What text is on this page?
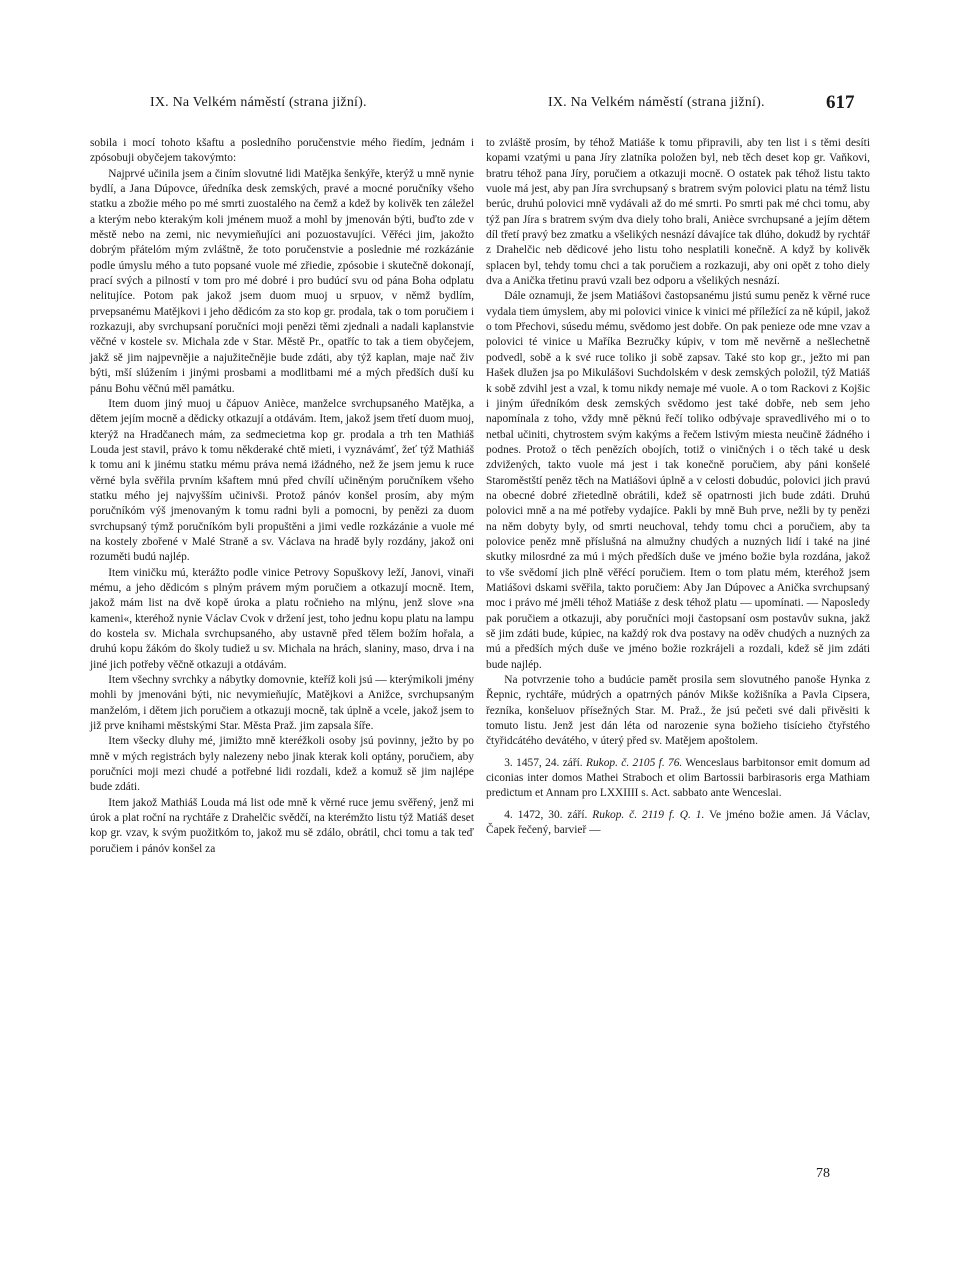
IX. Na Velkém náměstí (strana jižní).	IX. Na Velkém náměstí (strana jižní).	617

sobila i mocí tohoto kšaftu a posledního poručenstvie mého řiedím, jednám i zpósobuji obyčejem takovýmto:

Najprvé učinila jsem a činím slovutné lidi Matějka šenkýře, kterýž u mně nynie bydlí, a Jana Dúpovce, úředníka desk zemských, pravé a mocné poručníky všeho statku a zbožie mého po mé smrti zuostalého na čemž a kdež by kolivěk ten záležel a kterým nebo kterakým koli jménem muož a mohl by jmenován býti, buďto zde v městě nebo na zemi, nic nevymieňujíci ani pozuostavujíci. Věřéci jim, jakožto dobrým přátelóm mým zvláštně, že toto poručenstvie a poslednie mé rozkázánie podle úmyslu mého a tuto popsané vuole mé zřiedie, zpósobie i skutečně dokonají, prací svých a pilností v tom pro mé dobré i pro budúcí svu od pána Boha odplatu nelitujíce. Potom pak jakož jsem duom muoj u srpuov, v němž bydlím, prvepsanému Matějkovi i jeho dědicóm za sto kop gr. prodala, tak o tom poručiem i rozkazuji, aby svrchupsaní poručníci moji penězi těmi zjednali a nadali kaplanstvie věčné v kostele sv. Michala zde v Star. Městě Pr., opatříc to tak a tiem obyčejem, jakž sě jim najpevnějie a najužitečnějie bude zdáti, aby týž kaplan, maje nač živ býti, mší slúžením i jinými prosbami a modlitbami mé a mých předších duší ku pánu Bohu věčnú měl památku.

Item duom jiný muoj u čápuov Anièce, manželce svrchupsaného Matějka, a dětem jejím mocně a dědicky otkazují a otdávám. Item, jakož jsem třetí duom muoj, kterýž na Hradčanech mám, za sedmecietma kop gr. prodala a trh ten Mathiáš Louda jest stavil, právo k tomu někderaké chtě mieti, i vyznávámť, žeť týž Mathiáš k tomu ani k jinému statku mému práva nemá ižádného, než že jsem jemu k ruce věrné byla svěřila prvním kšaftem mnú před chvílí učiněným poručníkem všeho statku mého jej najvyšším učinivši. Protož pánóv konšel prosím, aby mým poručníkóm výš jmenovaným k tomu radni byli a pomocni, by penězi za duom svrchupsaný týmž poručníkóm byli propuštěni a jimi vedle rozkázánie a vuole mé na kostely zbořené v Malé Straně a sv. Václava na hradě byly rozdány, jakož oni rozuměti budú najlép.

Item viničku mú, kterážto podle vinice Petrovy Sopuškovy leží, Janovi, vinaři mému, a jeho dědicóm s plným právem mým poručiem a otkazují mocně. Item, jakož mám list na dvě kopě úroka a platu ročnieho na mlýnu, jenž slove »na kameni«, kteréhož nynie Václav Cvok v držení jest, toho jednu kopu platu na lampu do kostela sv. Michala svrchupsaného, aby ustavně před tělem božím hořala, a druhú kopu žákóm do školy tudiež u sv. Michala na hrách, slaniny, maso, drva i na jiné jich potřeby věčně otkazuji a otdávám.

Item všechny svrchky a nábytky domovnie, kteříž koli jsú — kterýmikoli jmény mohli by jmenováni býti, nic nevymieňujíc, Matějkovi a Anižce, svrchupsaným manželóm, i dětem jich poručiem a otkazuji mocně, tak úplně a vcele, jakož jsem to již prve knihami městskými Star. Města Praž. jim zapsala šíře.

Item všecky dluhy mé, jimižto mně kteréžkoli osoby jsú povinny, ježto by po mně v mých registrách byly nalezeny nebo jinak kterak koli optány, poručiem, aby poručníci moji mezi chudé a potřebné lidi rozdali, kdež a komuž sě jim najlépe bude zdáti.

Item jakož Mathiáš Louda má list ode mně k věrné ruce jemu svěřený, jenž mi úrok a plat roční na rychtáře z Drahelčic svědčí, na kterémžto listu týž Matiáš deset kop gr. vzav, k svým puožitkóm to, jakož mu sě zdálo, obrátil, chci tomu a tak teď poručiem i pánóv konšel za

to zvláště prosím, by téhož Matiáše k tomu připravili, aby ten list i s těmi desíti kopami vzatými u pana Jíry zlatníka položen byl, neb těch deset kop gr. Vaňkovi, bratru téhož pana Jíry, poručiem a otkazuji mocně. O ostatek pak téhož listu takto vuole má jest, aby pan Jíra svrchupsaný s bratrem svým polovici platu na témž listu berúc, druhú polovici mně vydávali až do mé smrti. Po smrti pak mé chci tomu, aby týž pan Jíra s bratrem svým dva diely toho brali, Anièce svrchupsané a jejím dětem díl třetí pravý bez zmatku a všelikých nesnází dávajíce tak dlúho, dokudž by rychtář z Drahelčic neb dědicové jeho listu toho nesplatili konečně. A když by kolivěk splacen byl, tehdy tomu chci a tak poručiem a rozkazuji, aby oni opět z toho diely dva a Anička třetinu pravú vzali bez odporu a všelikých nesnází.

Dále oznamuji, že jsem Matiášovi častopsanému jistú sumu peněz k věrné ruce vydala tiem úmyslem, aby mi polovici vinice k vinici mé příležící za ně kúpil, jakož o tom Přechovi, súsedu mému, svědomo jest dobře. On pak penieze ode mne vzav a polovici té vinice u Maříka Bezručky kúpiv, v tom mě nevěrně a nešlechetně podvedl, sobě a k své ruce toliko ji sobě zapsav. Také sto kop gr., ježto mi pan Hašek dlužen jsa po Mikulášovi Suchdolském v desk zemských položil, týž Matiáš k sobě zdvihl jest a vzal, k tomu nikdy nemaje mé vuole. A o tom Rackovi z Kojšic i jiným úředníkóm desk zemských svědomo jest také dobře, neb sem jeho napomínala z toho, vždy mně pěknú řečí toliko odbývaje spravedlivého mi o to netbal učiniti, chytrostem svým kakýms a řečem lstivým miesta neučině žádného i podnes. Protož o těch penězích obojích, totiž o viničných i o těch také u desk zdvižených, takto vuole má jest i tak konečně poručiem, aby páni konšelé Staroměstští peněz těch na Matiášovi úplně a v celosti dobudúc, polovici jich pravú na obecné dobré zřietedlně obrátili, kdež sě opatrnosti jich bude zdáti. Druhú polovici mně a na mé potřeby vydajíce. Pakli by mně Buh prve, nežli by ty penězi na něm dobyty byly, od smrti neuchoval, tehdy tomu chci a poručiem, aby ta polovice peněz mně příslušná na almužny chudých a nuzných lidí i také na jiné skutky milosrdné za mú i mých předších duše ve jméno božie byla rozdána, jakož to vše svědomí jich plně věřécí poručiem. Item o tom platu mém, kteréhož jsem Matiášovi dskami svěřila, takto poručiem: Aby Jan Dúpovec a Anička svrchupsaný moc i právo mé jměli téhož Matiáše z desk téhož platu — upomínati. — Naposledy pak poručiem a otkazuji, aby poručníci moji častopsaní osm postavův sukna, jakž sě jim zdáti bude, kúpiec, na každý rok dva postavy na oděv chudých a nuzných za mú a předších mých duše ve jméno božie rozkrájeli a rozdali, kdež sě jim zdáti bude najlép.

Na potvrzenie toho a budúcie pamět prosila sem slovutného panoše Hynka z Řepnic, rychtáře, múdrých a opatrných pánóv Mikše kožišníka a Pavla Cipsera, řezníka, konšeluov přísežných Star. M. Praž., že jsú pečeti své dali přivěsiti k tomuto listu. Jenž jest dán léta od narozenie syna božieho tisícieho čtyřstého čtyřidcátého devátého, v úterý před sv. Matějem apoštolem.

3. 1457, 24. září. Rukop. č. 2105 f. 76. Wenceslaus barbitonsor emit domum ad ciconias inter domos Mathei Straboch et olim Bartossii barbirasoris erga Mathiam predictum et Annam pro LXXIIII s. Act. sabbato ante Wenceslai.

4. 1472, 30. září. Rukop. č. 2119 f. Q. 1. Ve jméno božie amen. Já Václav, Čapek řečený, barvieř —

78
